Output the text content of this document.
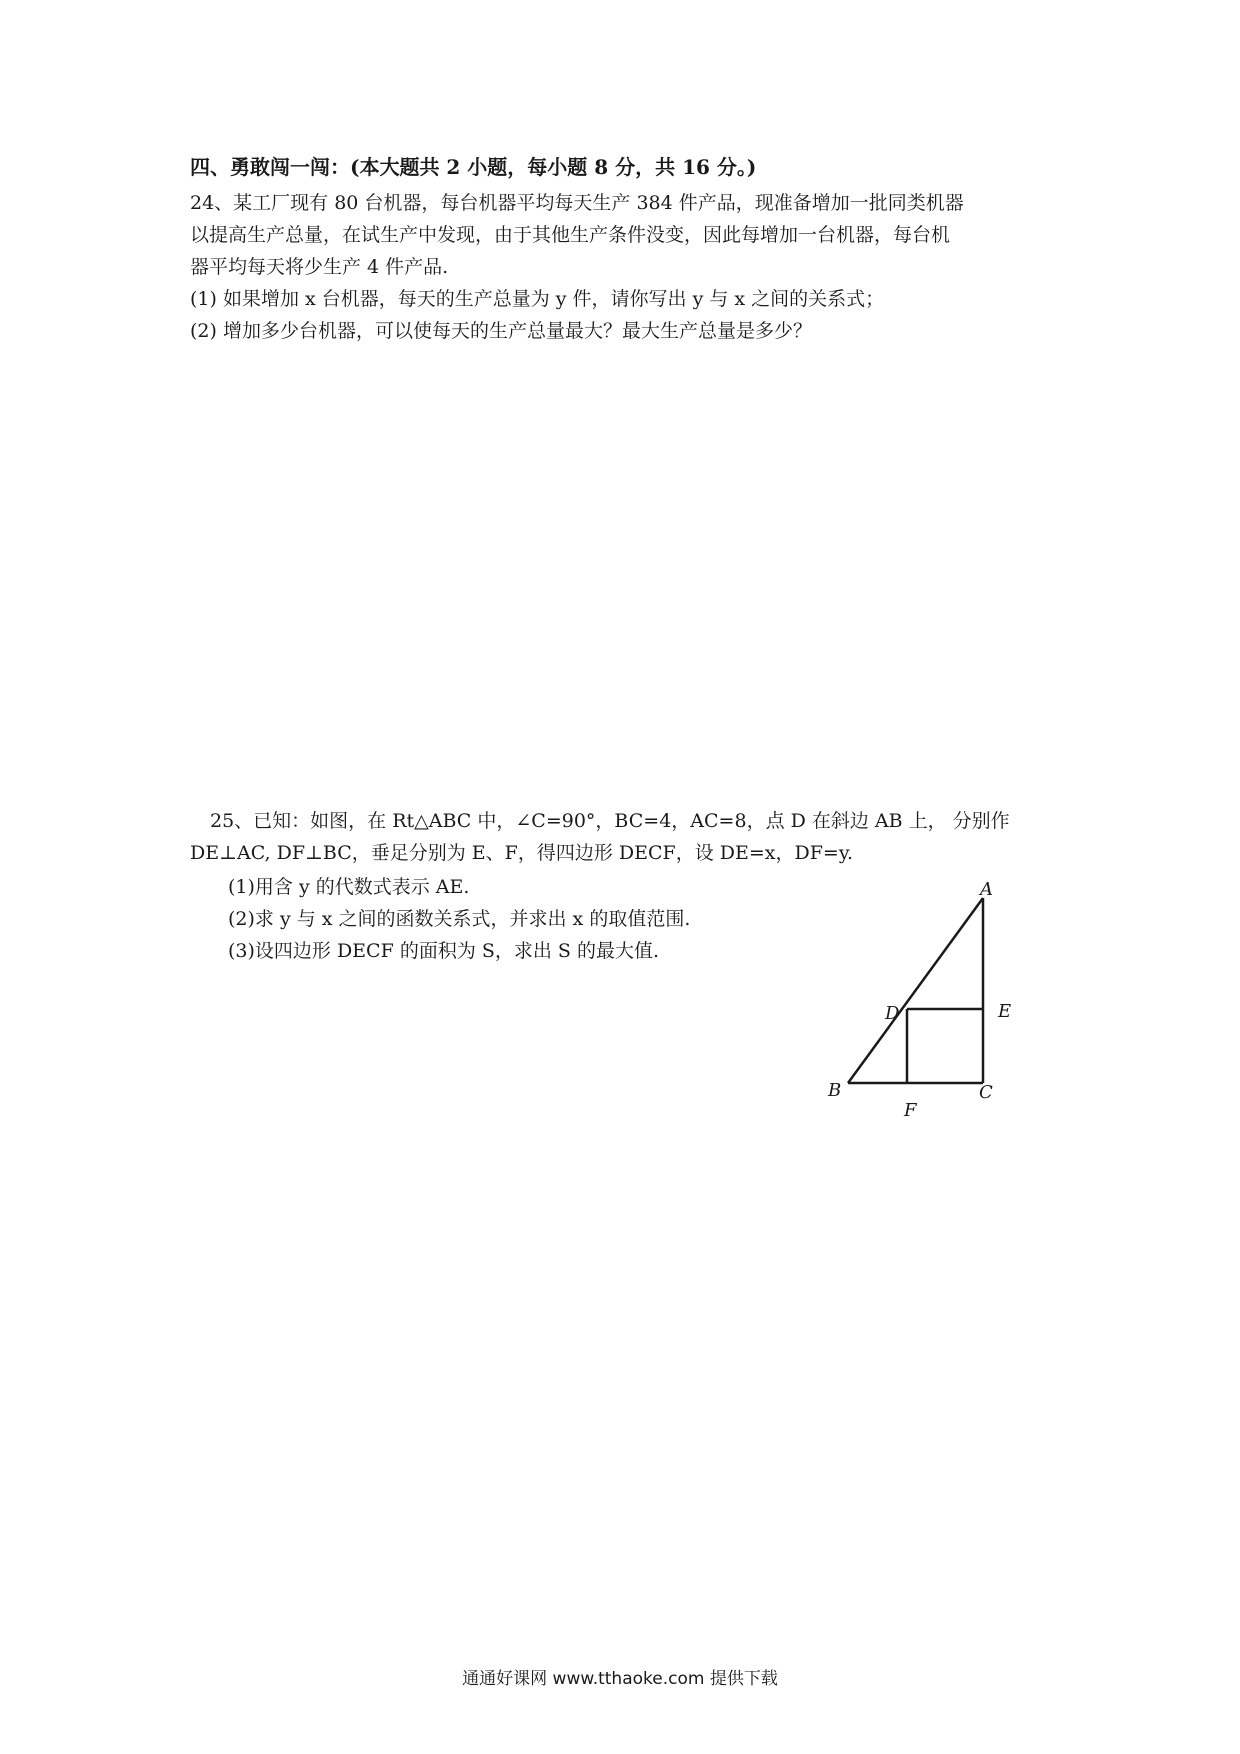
四、勇敢闯一闯：(本大题共 2 小题，每小题 8 分，共 16 分。)
24、某工厂现有 80 台机器，每台机器平均每天生产 384 件产品，现准备增加一批同类机器
以提高生产总量，在试生产中发现，由于其他生产条件没变，因此每增加一台机器，每台机
器平均每天将少生产 4 件产品.
(1) 如果增加 x 台机器，每天的生产总量为 y 件，请你写出 y 与 x 之间的关系式；
(2) 增加多少台机器，可以使每天的生产总量最大？最大生产总量是多少？
25、已知：如图，在 Rt△ABC 中，∠C=90°，BC=4，AC=8，点 D 在斜边 AB 上， 分别作
DE⊥AC, DF⊥BC，垂足分别为 E、F，得四边形 DECF，设 DE=x，DF=y.
(1)用含 y 的代数式表示 AE.
(2)求 y 与 x 之间的函数关系式，并求出 x 的取值范围.
(3)设四边形 DECF 的面积为 S，求出 S 的最大值.
A
B	C
D	E
F
通通好课网 www.tthaoke.com 提供下载
